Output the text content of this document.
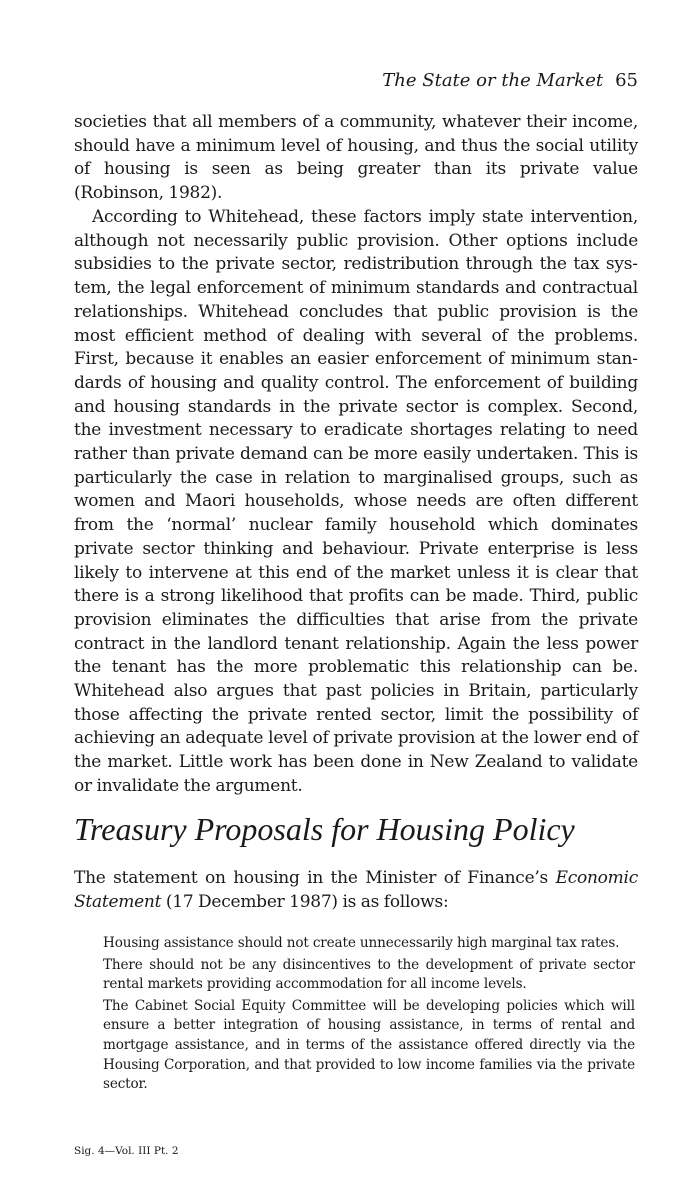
The State or the Market 65

societies that all members of a community, whatever their income, should have a minimum level of housing, and thus the social utility of housing is seen as being greater than its private value (Robinson, 1982).

According to Whitehead, these factors imply state intervention, although not necessarily public provision. Other options include subsidies to the private sector, redistribution through the tax system, the legal enforcement of minimum standards and contractual relationships. Whitehead concludes that public provision is the most efficient method of dealing with several of the problems. First, because it enables an easier enforcement of minimum standards of housing and quality control. The enforcement of building and housing standards in the private sector is complex. Second, the investment necessary to eradicate shortages relating to need rather than private demand can be more easily undertaken. This is particularly the case in relation to marginalised groups, such as women and Maori households, whose needs are often different from the ‘normal’ nuclear family household which dominates private sector thinking and behaviour. Private enterprise is less likely to intervene at this end of the market unless it is clear that there is a strong likelihood that profits can be made. Third, public provision eliminates the difficulties that arise from the private contract in the landlord tenant relationship. Again the less power the tenant has the more problematic this relationship can be. Whitehead also argues that past policies in Britain, particularly those affecting the private rented sector, limit the possibility of achieving an adequate level of private provision at the lower end of the market. Little work has been done in New Zealand to validate or invalidate the argument.

Treasury Proposals for Housing Policy

The statement on housing in the Minister of Finance’s Economic Statement (17 December 1987) is as follows:

Housing assistance should not create unnecessarily high marginal tax rates.

There should not be any disincentives to the development of private sector rental markets providing accommodation for all income levels.

The Cabinet Social Equity Committee will be developing policies which will ensure a better integration of housing assistance, in terms of rental and mortgage assistance, and in terms of the assistance offered directly via the Housing Corporation, and that provided to low income families via the private sector.

Sig. 4—Vol. III Pt. 2
